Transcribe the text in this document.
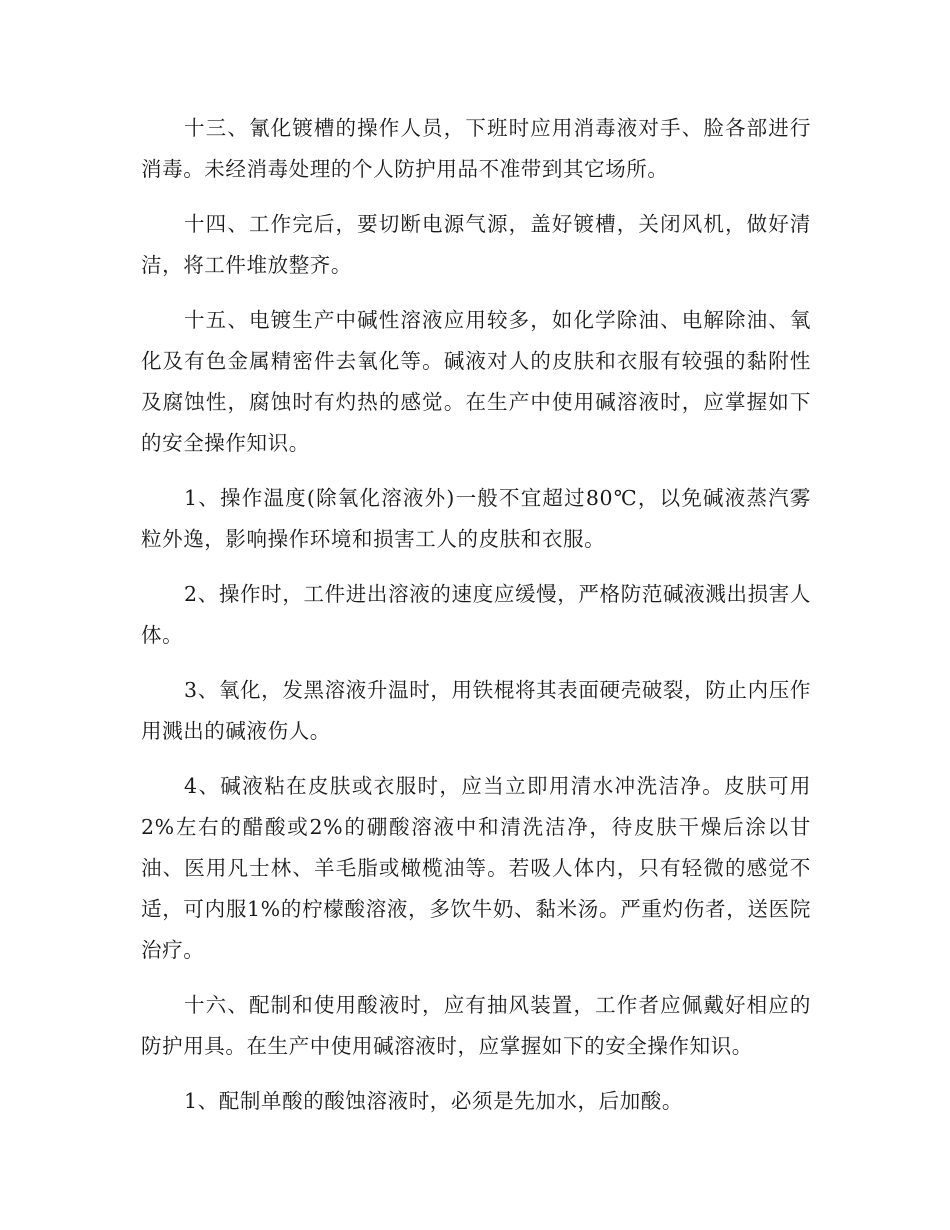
十三、氰化镀槽的操作人员，下班时应用消毒液对手、脸各部进行消毒。未经消毒处理的个人防护用品不准带到其它场所。

十四、工作完后，要切断电源气源，盖好镀槽，关闭风机，做好清洁，将工件堆放整齐。

十五、电镀生产中碱性溶液应用较多，如化学除油、电解除油、氧化及有色金属精密件去氧化等。碱液对人的皮肤和衣服有较强的黏附性及腐蚀性，腐蚀时有灼热的感觉。在生产中使用碱溶液时，应掌握如下的安全操作知识。

1、操作温度(除氧化溶液外)一般不宜超过80℃，以免碱液蒸汽雾粒外逸，影响操作环境和损害工人的皮肤和衣服。

2、操作时，工件进出溶液的速度应缓慢，严格防范碱液溅出损害人体。

3、氧化，发黑溶液升温时，用铁棍将其表面硬壳破裂，防止内压作用溅出的碱液伤人。

4、碱液粘在皮肤或衣服时，应当立即用清水冲洗洁净。皮肤可用2%左右的醋酸或2%的硼酸溶液中和清洗洁净，待皮肤干燥后涂以甘油、医用凡士林、羊毛脂或橄榄油等。若吸人体内，只有轻微的感觉不适，可内服1%的柠檬酸溶液，多饮牛奶、黏米汤。严重灼伤者，送医院治疗。

十六、配制和使用酸液时，应有抽风装置，工作者应佩戴好相应的防护用具。在生产中使用碱溶液时，应掌握如下的安全操作知识。

1、配制单酸的酸蚀溶液时，必须是先加水，后加酸。
